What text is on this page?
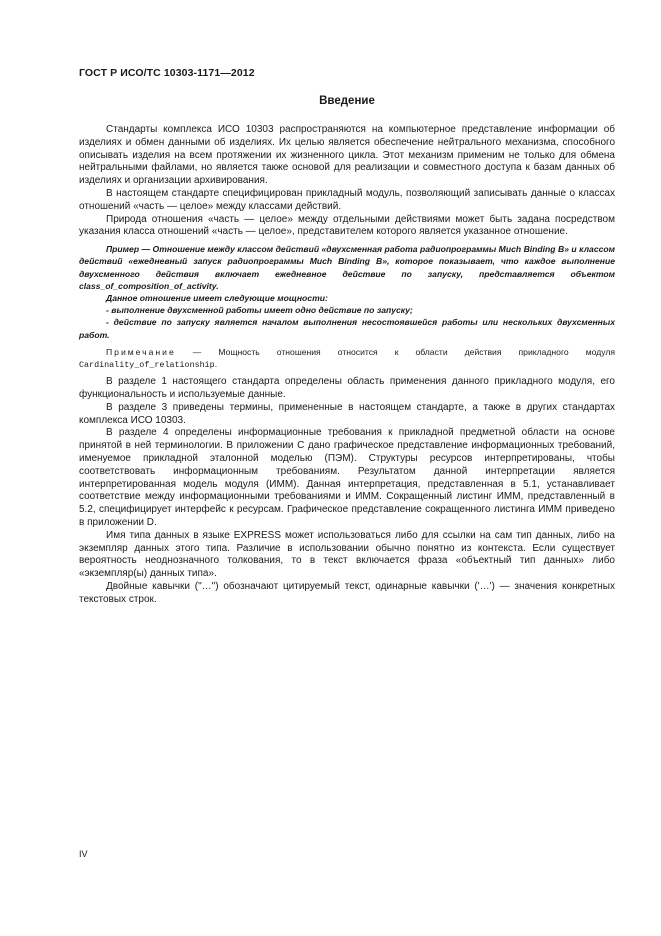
ГОСТ Р ИСО/ТС 10303-1171—2012
Введение

Стандарты комплекса ИСО 10303 распространяются на компьютерное представление информации об изделиях и обмен данными об изделиях. Их целью является обеспечение нейтрального механизма, способного описывать изделия на всем протяжении их жизненного цикла. Этот механизм применим не только для обмена нейтральными файлами, но является также основой для реализации и совместного доступа к базам данных об изделиях и организации архивирования.

В настоящем стандарте специфицирован прикладный модуль, позволяющий записывать данные о классах отношений «часть — целое» между классами действий.

Природа отношения «часть — целое» между отдельными действиями может быть задана посредством указания класса отношений «часть — целое», представителем которого является указанное отношение.

Пример — Отношение между классом действий «двухсменная работа радиопрограммы Much Binding B» и классом действий «ежедневный запуск радиопрограммы Much Binding B», которое показывает, что каждое выполнение двухсменного действия включает ежедневное действие по запуску, представляется объектом class_of_composition_of_activity.

Данное отношение имеет следующие мощности:

- выполнение двухсменной работы имеет одно действие по запуску;

- действие по запуску является началом выполнения несостоявшейся работы или нескольких двухсменных работ.

Примечание — Мощность отношения относится к области действия прикладного модуля Cardinality_of_relationship.

В разделе 1 настоящего стандарта определены область применения данного прикладного модуля, его функциональность и используемые данные.

В разделе 3 приведены термины, примененные в настоящем стандарте, а также в других стандартах комплекса ИСО 10303.

В разделе 4 определены информационные требования к прикладной предметной области на основе принятой в ней терминологии. В приложении С дано графическое представление информационных требований, именуемое прикладной эталонной моделью (ПЭМ). Структуры ресурсов интерпретированы, чтобы соответствовать информационным требованиям. Результатом данной интерпретации является интерпретированная модель модуля (ИММ). Данная интерпретация, представленная в 5.1, устанавливает соответствие между информационными требованиями и ИММ. Сокращенный листинг ИММ, представленный в 5.2, специфицирует интерфейс к ресурсам. Графическое представление сокращенного листинга ИММ приведено в приложении D.

Имя типа данных в языке EXPRESS может использоваться либо для ссылки на сам тип данных, либо на экземпляр данных этого типа. Различие в использовании обычно понятно из контекста. Если существует вероятность неоднозначного толкования, то в текст включается фраза «объектный тип данных» либо «экземпляр(ы) данных типа».

Двойные кавычки ("…") обозначают цитируемый текст, одинарные кавычки ('…') — значения конкретных текстовых строк.

IV
